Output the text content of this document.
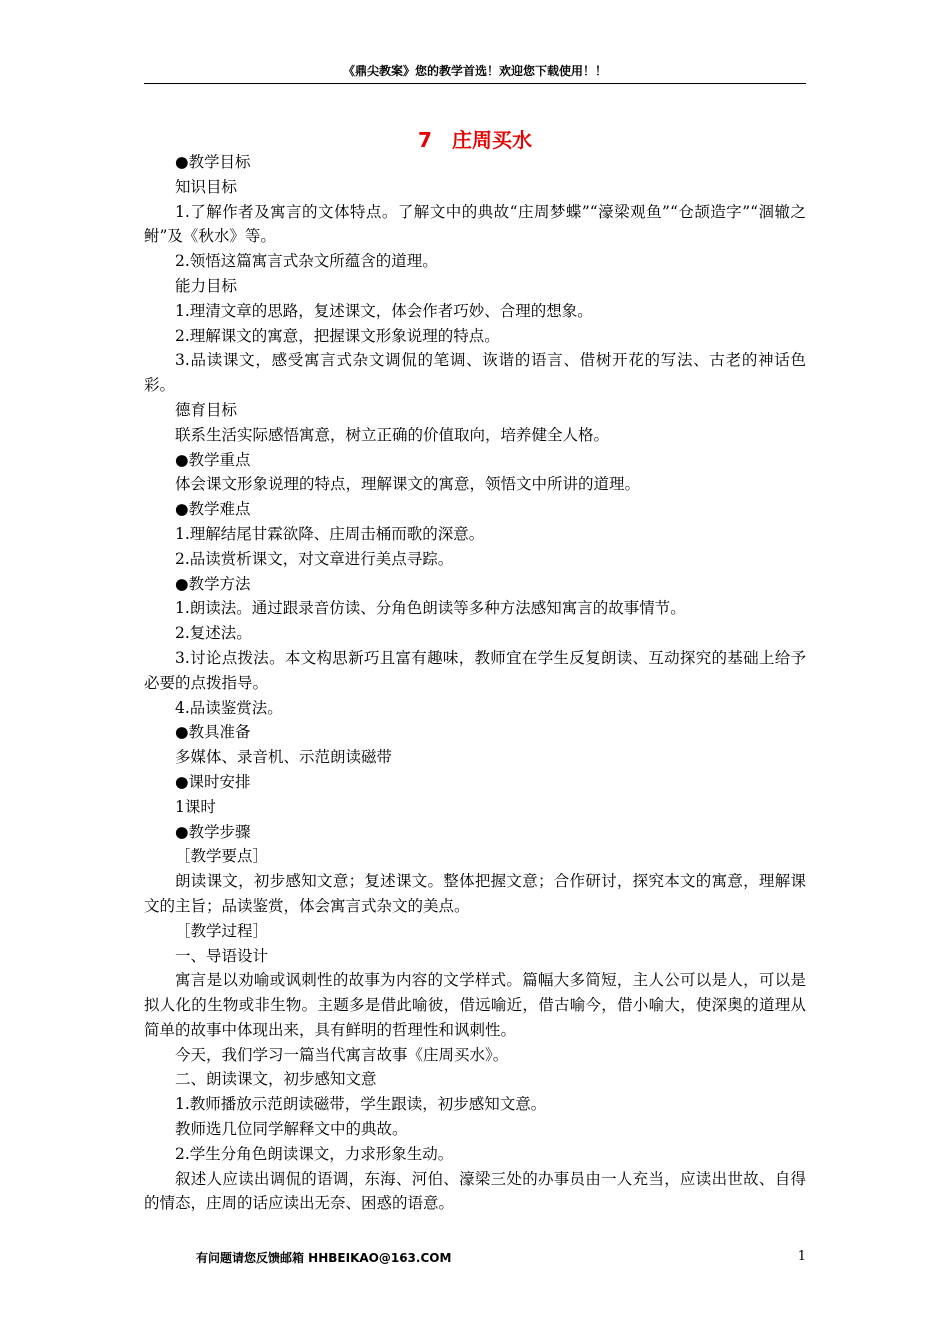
《鼎尖教案》您的教学首选！欢迎您下载使用！！
7　庄周买水

●教学目标

知识目标

1.了解作者及寓言的文体特点。了解文中的典故“庄周梦蝶”“濠梁观鱼”“仓颉造字”“涸辙之鲋”及《秋水》等。

2.领悟这篇寓言式杂文所蕴含的道理。

能力目标

1.理清文章的思路，复述课文，体会作者巧妙、合理的想象。

2.理解课文的寓意，把握课文形象说理的特点。

3.品读课文，感受寓言式杂文调侃的笔调、诙谐的语言、借树开花的写法、古老的神话色彩。

德育目标

联系生活实际感悟寓意，树立正确的价值取向，培养健全人格。

●教学重点

体会课文形象说理的特点，理解课文的寓意，领悟文中所讲的道理。

●教学难点

1.理解结尾甘霖欲降、庄周击桶而歌的深意。

2.品读赏析课文，对文章进行美点寻踪。

●教学方法

1.朗读法。通过跟录音仿读、分角色朗读等多种方法感知寓言的故事情节。

2.复述法。

3.讨论点拨法。本文构思新巧且富有趣味，教师宜在学生反复朗读、互动探究的基础上给予必要的点拨指导。

4.品读鉴赏法。

●教具准备

多媒体、录音机、示范朗读磁带

●课时安排

1课时

●教学步骤

［教学要点］

朗读课文，初步感知文意；复述课文。整体把握文意；合作研讨，探究本文的寓意，理解课文的主旨；品读鉴赏，体会寓言式杂文的美点。

［教学过程］

一、导语设计

寓言是以劝喻或讽刺性的故事为内容的文学样式。篇幅大多简短，主人公可以是人，可以是拟人化的生物或非生物。主题多是借此喻彼，借远喻近，借古喻今，借小喻大，使深奥的道理从简单的故事中体现出来，具有鲜明的哲理性和讽刺性。

今天，我们学习一篇当代寓言故事《庄周买水》。

二、朗读课文，初步感知文意

1.教师播放示范朗读磁带，学生跟读，初步感知文意。

教师选几位同学解释文中的典故。

2.学生分角色朗读课文，力求形象生动。

叙述人应读出调侃的语调，东海、河伯、濠梁三处的办事员由一人充当，应读出世故、自得的情态，庄周的话应读出无奈、困惑的语意。

有问题请您反馈邮箱 HHBEIKAO@163.COM	1
